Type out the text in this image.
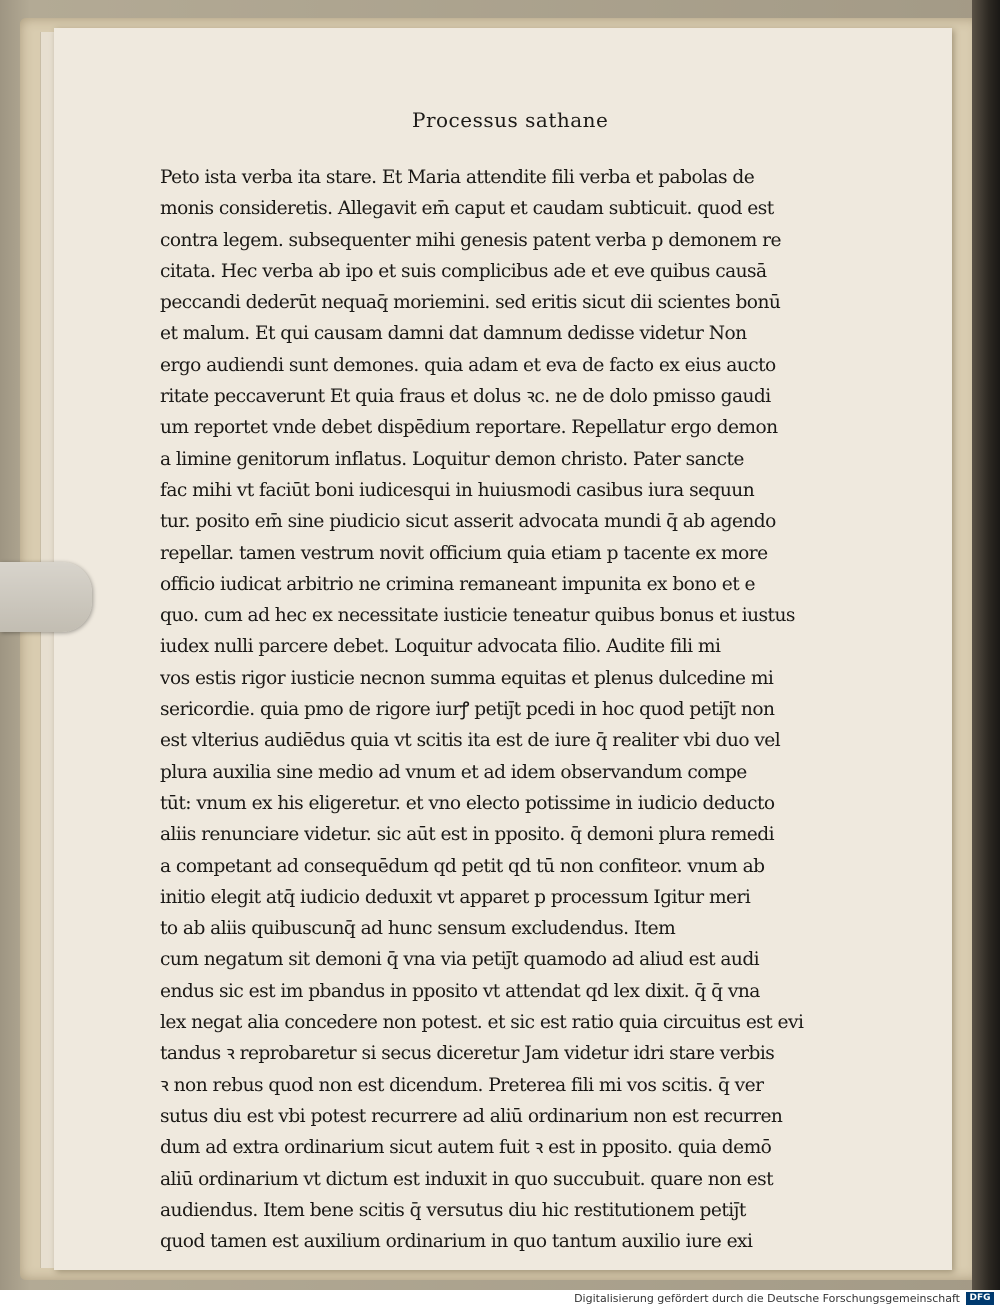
Processus sathane
Peto ista verba ita stare. Et Maria attendite fili verba et pabolas de
monis consideretis. Allegavit em̄ caput et caudam subticuit. quod est
contra legem. subsequenter mihi genesis patent verba p demonem re
citata. Hec verba ab ipo et suis complicibus ade et eve quibus causā
peccandi dederūt nequaq̄ moriemini. sed eritis sicut dii scientes bonū
et malum. Et qui causam damni dat damnum dedisse videtur Non
ergo audiendi sunt demones. quia adam et eva de facto ex eius aucto
ritate peccaverunt Et quia fraus et dolus ꝛc. ne de dolo pmisso gaudi
um reportet vnde debet dispēdium reportare. Repellatur ergo demon
a limine genitorum inflatus. Loquitur demon christo. Pater sancte
fac mihi vt faciūt boni iudicesqui in huiusmodi casibus iura sequun
tur. posito em̄ sine piudicio sicut asserit advocata mundi q̄ ab agendo
repellar. tamen vestrum novit officium quia etiam p tacente ex more
officio iudicat arbitrio ne crimina remaneant impunita ex bono et e
quo. cum ad hec ex necessitate iusticie teneatur quibus bonus et iustus
iudex nulli parcere debet. Loquitur advocata filio. Audite fili mi
vos estis rigor iusticie necnon summa equitas et plenus dulcedine mi
sericordie. quia pmo de rigore iurꝭ petiȷ̄t pcedi in hoc quod petiȷ̄t non
est vlterius audiēdus quia vt scitis ita est de iure q̄ realiter vbi duo vel
plura auxilia sine medio ad vnum et ad idem observandum compe
tūt: vnum ex his eligeretur. et vno electo potissime in iudicio deducto
aliis renunciare videtur. sic aūt est in pposito. q̄ demoni plura remedi
a competant ad consequēdum qd petit qd tū non confiteor. vnum ab
initio elegit atq̄ iudicio deduxit vt apparet p processum Igitur meri
to ab aliis quibuscunq̄ ad hunc sensum excludendus. Item
cum negatum sit demoni q̄ vna via petiȷ̄t quamodo ad aliud est audi
endus sic est im pbandus in pposito vt attendat qd lex dixit. q̄ q̄ vna
lex negat alia concedere non potest. et sic est ratio quia circuitus est evi
tandus ꝛ reprobaretur si secus diceretur Jam videtur idri stare verbis
ꝛ non rebus quod non est dicendum. Preterea fili mi vos scitis. q̄ ver
sutus diu est vbi potest recurrere ad aliū ordinarium non est recurren
dum ad extra ordinarium sicut autem fuit ꝛ est in pposito. quia demō
aliū ordinarium vt dictum est induxit in quo succubuit. quare non est
audiendus. Item bene scitis q̄ versutus diu hic restitutionem petiȷ̄t
quod tamen est auxilium ordinarium in quo tantum auxilio iure exi
Digitalisierung gefördert durch die Deutsche Forschungsgemeinschaft	DFG
